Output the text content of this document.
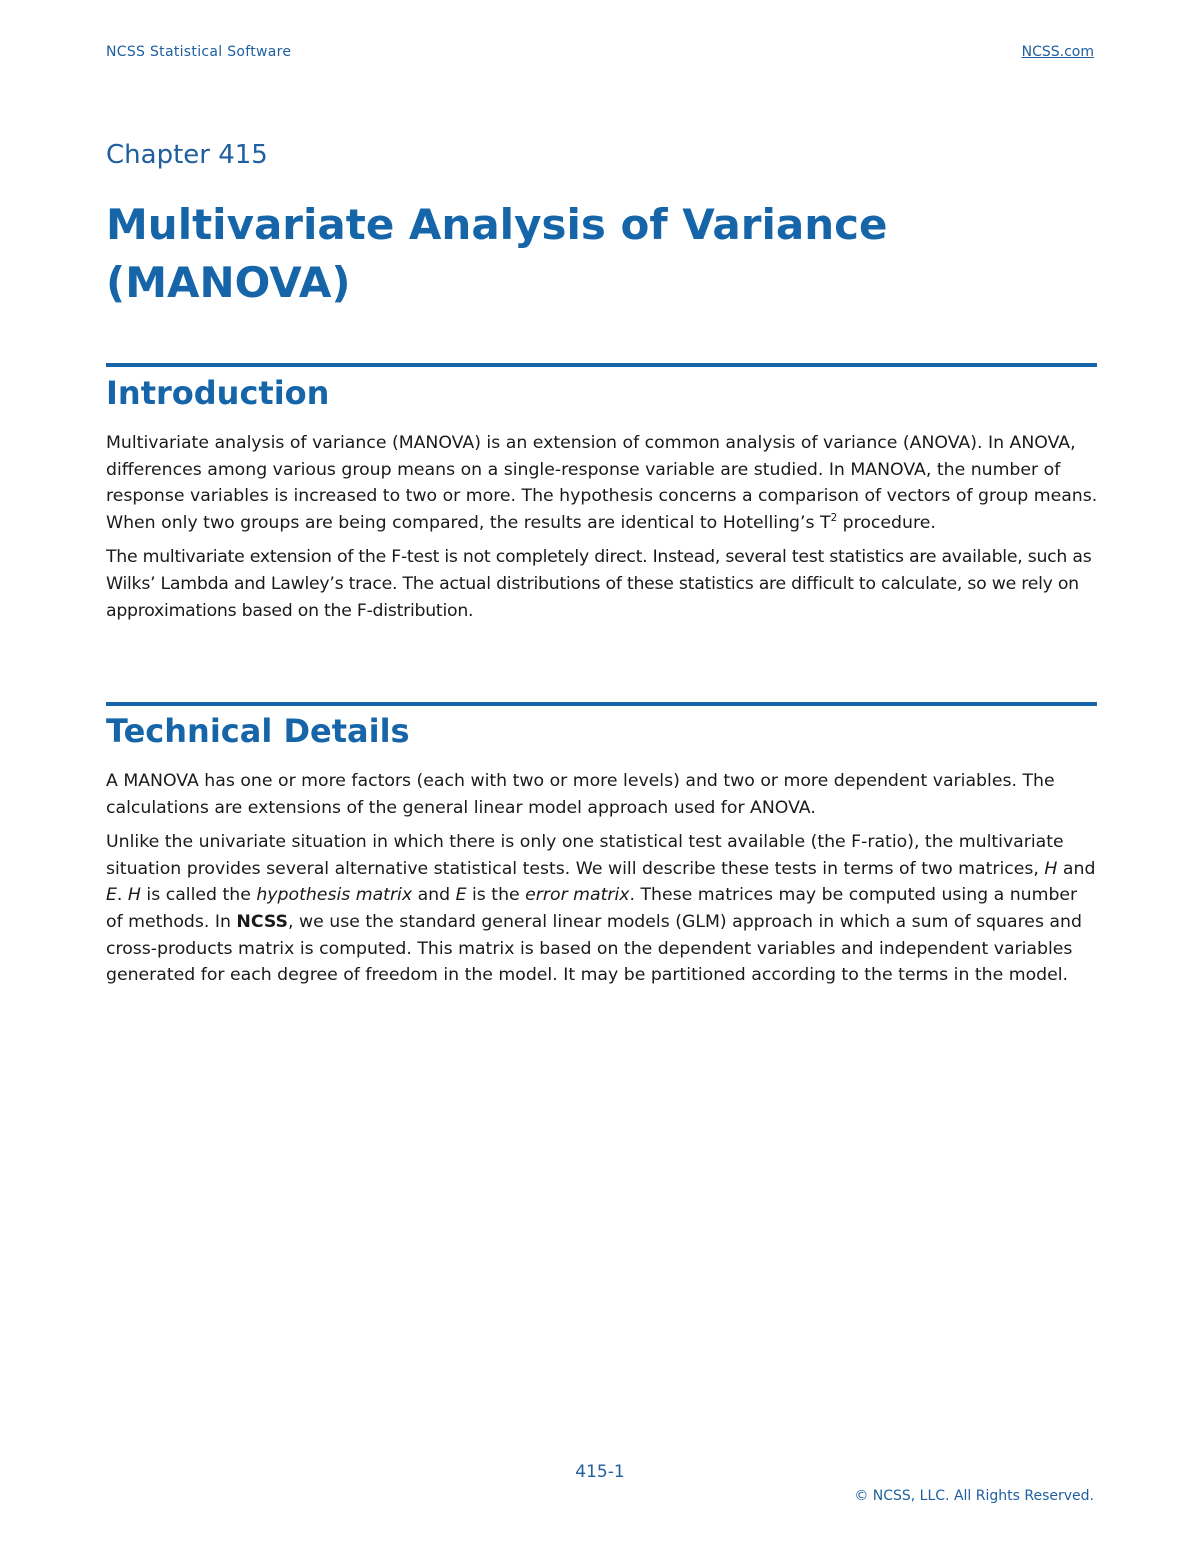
NCSS Statistical Software	NCSS.com
Chapter 415
Multivariate Analysis of Variance
(MANOVA)
Introduction

Multivariate analysis of variance (MANOVA) is an extension of common analysis of variance (ANOVA). In ANOVA, differences among various group means on a single-response variable are studied. In MANOVA, the number of response variables is increased to two or more. The hypothesis concerns a comparison of vectors of group means. When only two groups are being compared, the results are identical to Hotelling’s $T^2$ procedure.

The multivariate extension of the F-test is not completely direct. Instead, several test statistics are available, such as Wilks’ Lambda and Lawley’s trace. The actual distributions of these statistics are difficult to calculate, so we rely on approximations based on the F-distribution.

Technical Details

A MANOVA has one or more factors (each with two or more levels) and two or more dependent variables. The calculations are extensions of the general linear model approach used for ANOVA.

Unlike the univariate situation in which there is only one statistical test available (the F-ratio), the multivariate situation provides several alternative statistical tests. We will describe these tests in terms of two matrices, H and E. H is called the hypothesis matrix and E is the error matrix. These matrices may be computed using a number of methods. In NCSS, we use the standard general linear models (GLM) approach in which a sum of squares and cross-products matrix is computed. This matrix is based on the dependent variables and independent variables generated for each degree of freedom in the model. It may be partitioned according to the terms in the model.

415-1
© NCSS, LLC. All Rights Reserved.
